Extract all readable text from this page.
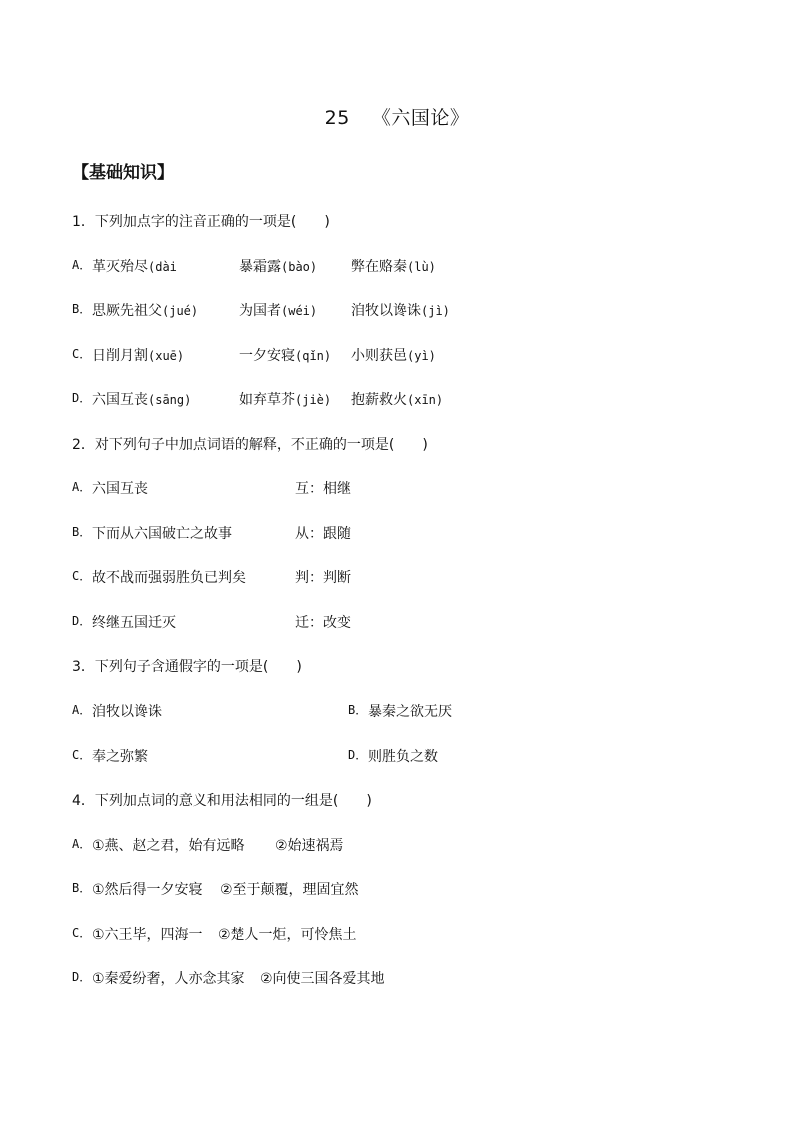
25 《六国论》
【基础知识】
1．下列加点字的注音正确的一项是(　　)
A． 革灭殆尽(dài	暴霜露(bào) 弊在赂秦(lù)
B． 思厥先祖父(jué)	为国者(wéi) 洎牧以谗诛(jì)
C． 日削月割(xuē)	一夕安寝(qǐn) 小则获邑(yì)
D． 六国互丧(sāng)	如弃草芥(jiè) 抱薪救火(xīn)
2．对下列句子中加点词语的解释，不正确的一项是(　　)
A． 六国互丧	互：相继
B． 下而从六国破亡之故事	从：跟随
C． 故不战而强弱胜负已判矣	判：判断
D． 终继五国迁灭	迁：改变
3．下列句子含通假字的一项是(　　)
A． 洎牧以谗诛	B． 暴秦之欲无厌
C． 奉之弥繁	D． 则胜负之数
4．下列加点词的意义和用法相同的一组是(　　)
A． ①燕、赵之君，始有远略 ②始速祸焉
B． ①然后得一夕安寝 ②至于颠覆，理固宜然
C． ①六王毕，四海一 ②楚人一炬，可怜焦土
D． ①秦爱纷奢，人亦念其家 ②向使三国各爱其地
